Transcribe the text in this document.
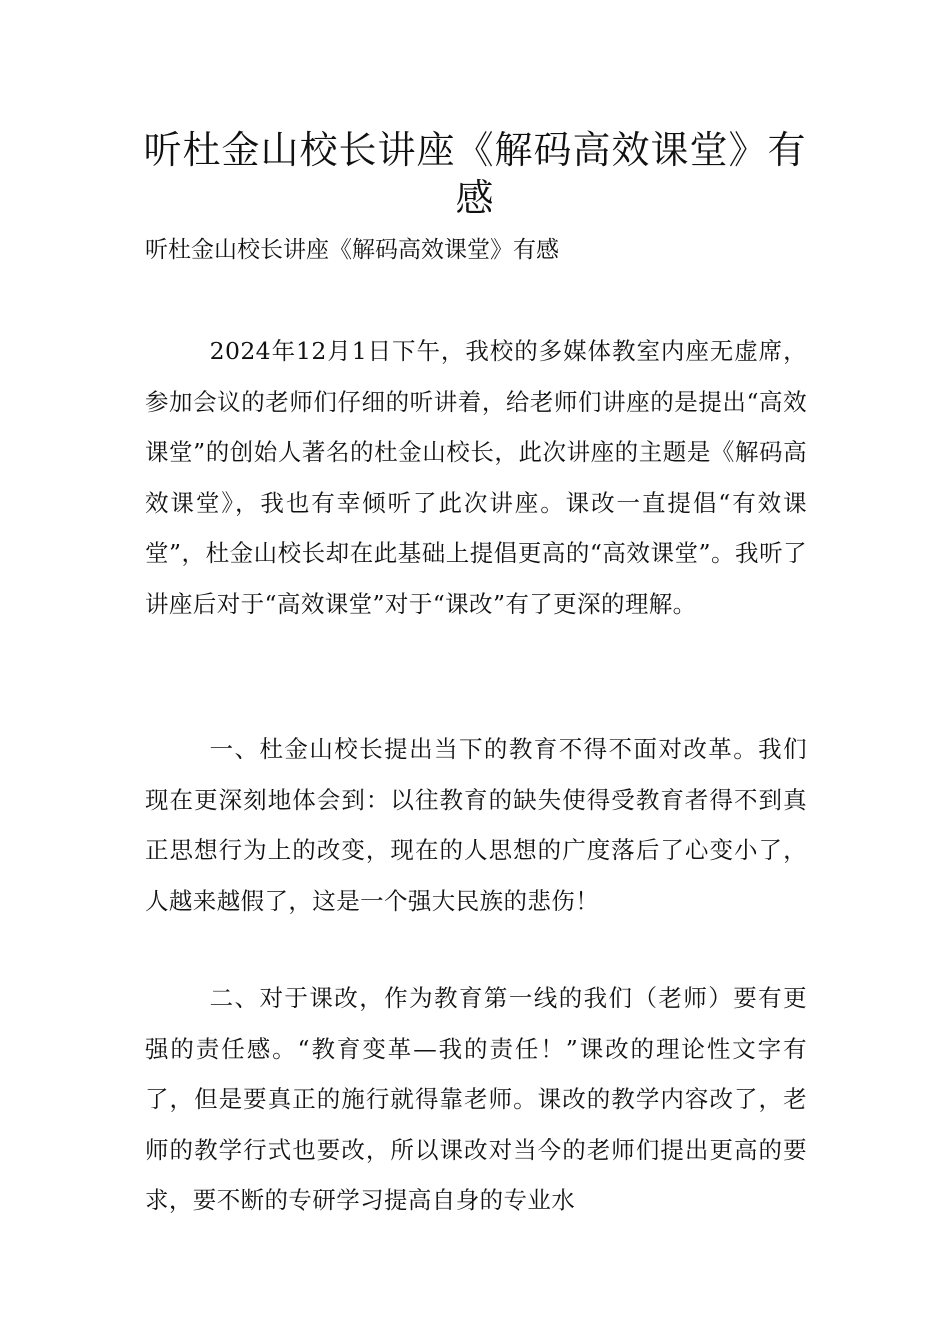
听杜金山校长讲座《解码高效课堂》有感

听杜金山校长讲座《解码高效课堂》有感

2024年12月1日下午，我校的多媒体教室内座无虚席，参加会议的老师们仔细的听讲着，给老师们讲座的是提出“高效课堂”的创始人著名的杜金山校长，此次讲座的主题是《解码高效课堂》，我也有幸倾听了此次讲座。课改一直提倡“有效课堂”，杜金山校长却在此基础上提倡更高的“高效课堂”。我听了讲座后对于“高效课堂”对于“课改”有了更深的理解。

一、杜金山校长提出当下的教育不得不面对改革。我们现在更深刻地体会到：以往教育的缺失使得受教育者得不到真正思想行为上的改变，现在的人思想的广度落后了心变小了，人越来越假了，这是一个强大民族的悲伤！

二、对于课改，作为教育第一线的我们（老师）要有更强的责任感。“教育变革—我的责任！”课改的理论性文字有了，但是要真正的施行就得靠老师。课改的教学内容改了，老师的教学行式也要改，所以课改对当今的老师们提出更高的要求，要不断的专研学习提高自身的专业水
